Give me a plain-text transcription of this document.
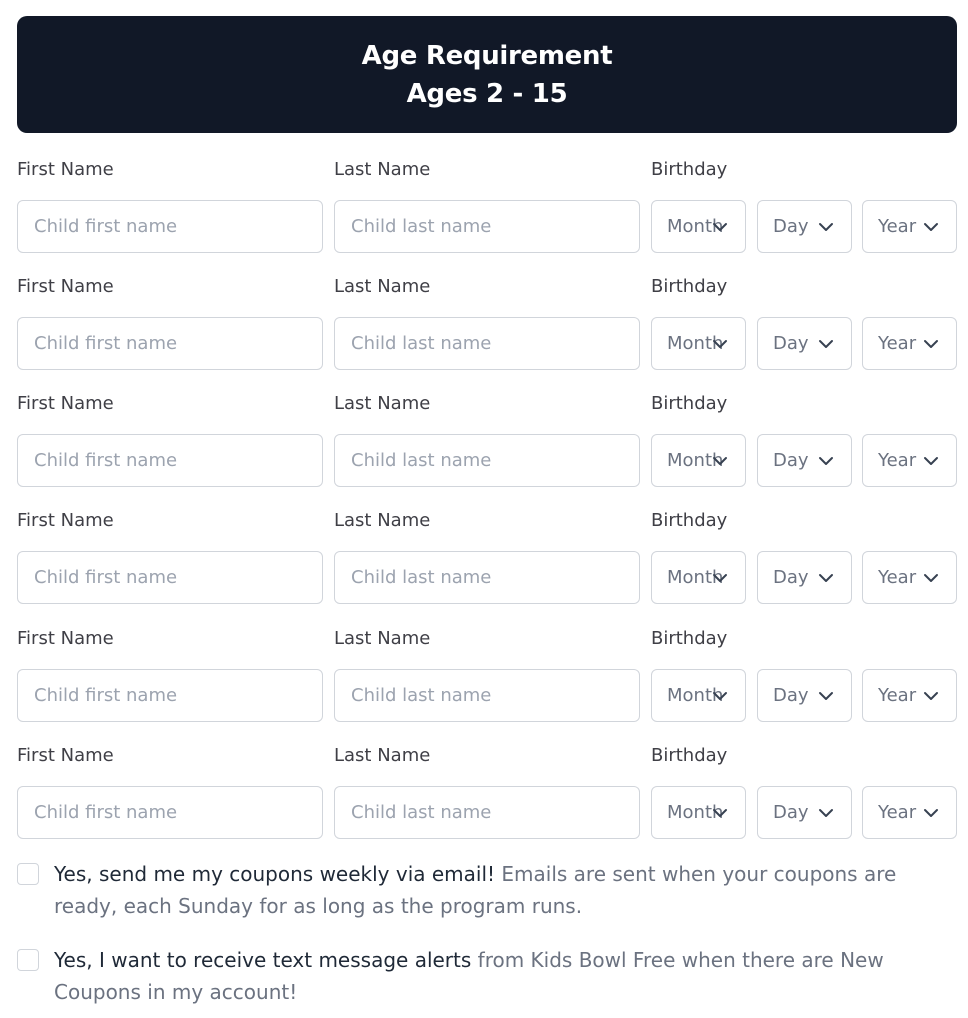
Age Requirement
Ages 2 - 15
First Name	Last Name	Birthday
Child first name	Child last name	Month	Day	Year
First Name	Last Name	Birthday
Child first name	Child last name	Month	Day	Year
First Name	Last Name	Birthday
Child first name	Child last name	Month	Day	Year
First Name	Last Name	Birthday
Child first name	Child last name	Month	Day	Year
First Name	Last Name	Birthday
Child first name	Child last name	Month	Day	Year
First Name	Last Name	Birthday
Child first name	Child last name	Month	Day	Year
Yes, send me my coupons weekly via email! Emails are sent when your coupons are ready, each Sunday for as long as the program runs.
Yes, I want to receive text message alerts from Kids Bowl Free when there are New Coupons in my account!
